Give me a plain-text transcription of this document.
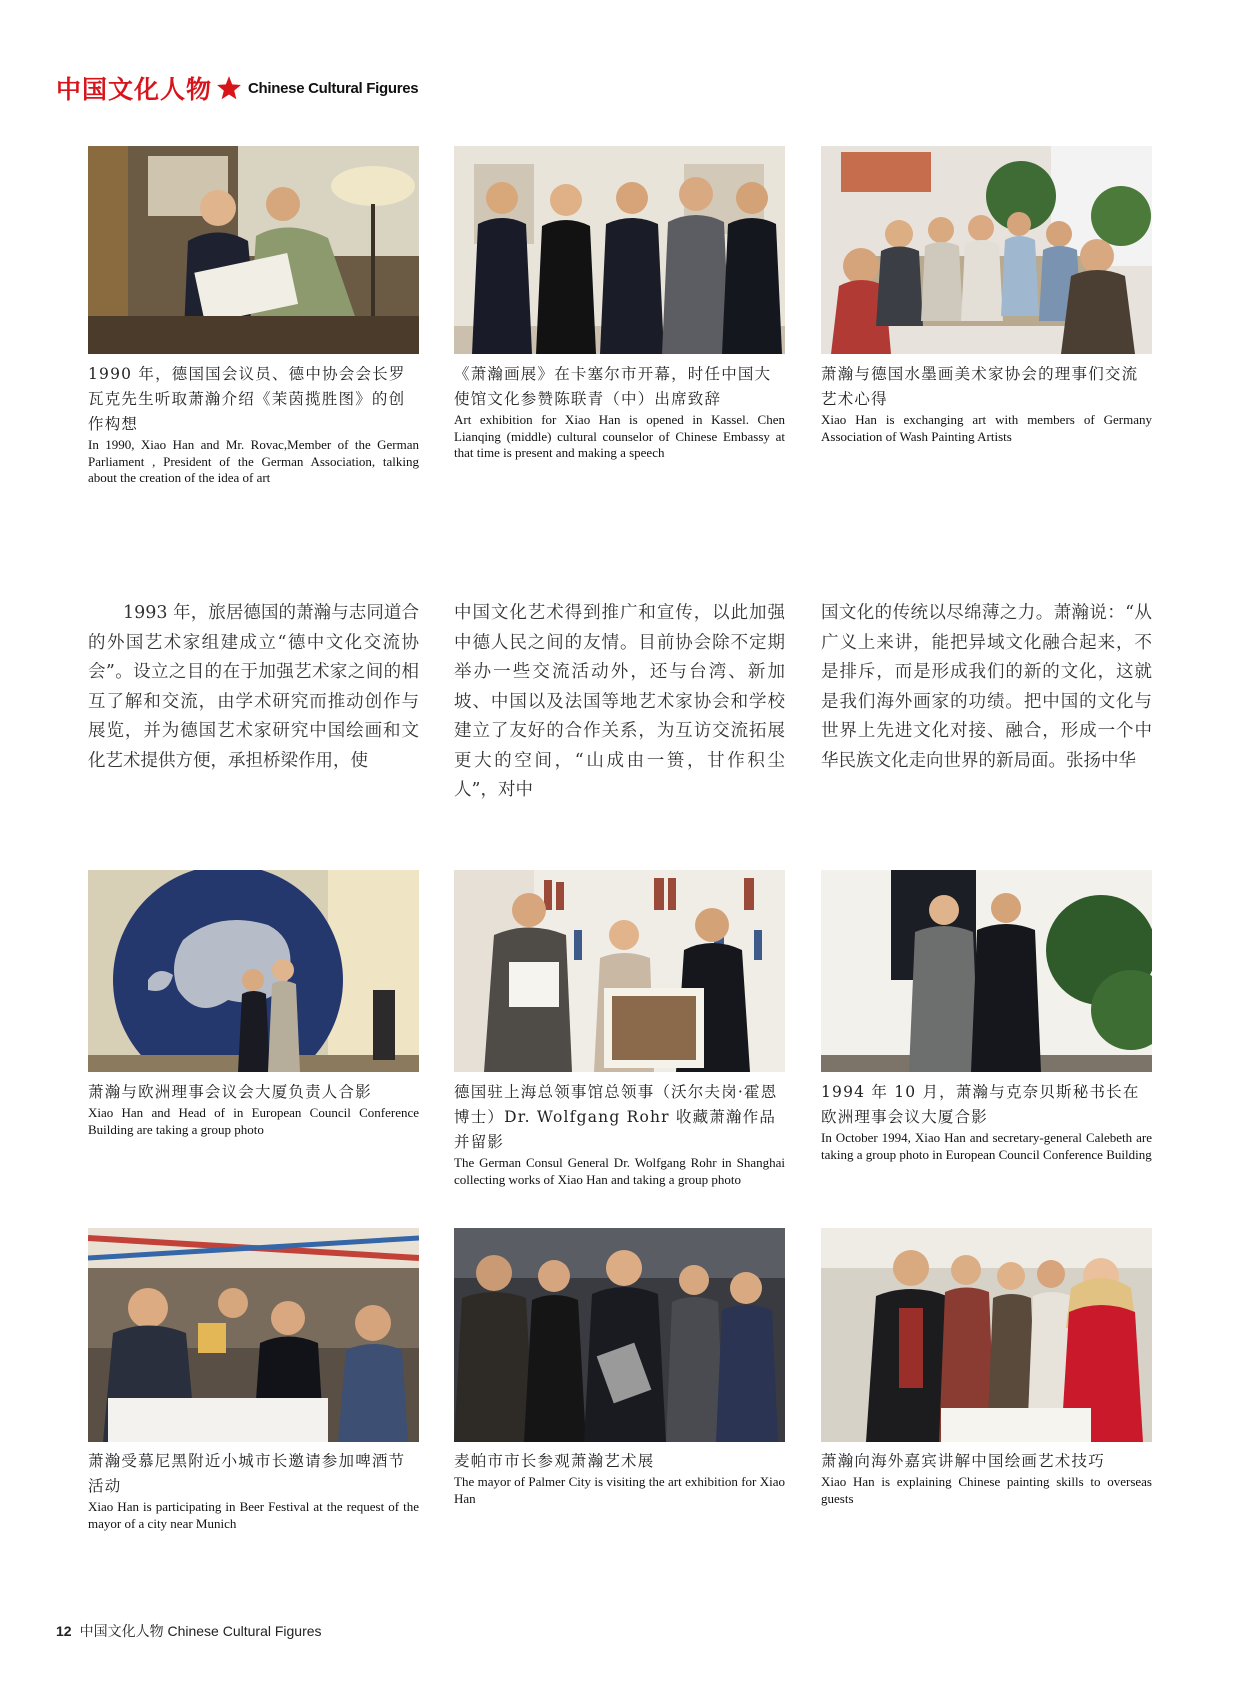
中国文化人物 Chinese Cultural Figures
1990 年，德国国会议员、德中协会会长罗瓦克先生听取萧瀚介绍《茉茵揽胜图》的创作构想
In 1990, Xiao Han and Mr. Rovac,Member of the German Parliament , President of the German Association, talking about the creation of the idea of art
《萧瀚画展》在卡塞尔市开幕，时任中国大使馆文化参赞陈联青（中）出席致辞
Art exhibition for Xiao Han is opened in Kassel. Chen Lianqing (middle) cultural counselor of Chinese Embassy at that time is present and making a speech
萧瀚与德国水墨画美术家协会的理事们交流艺术心得
Xiao Han is exchanging art with members of Germany Association of Wash Painting Artists
1993 年，旅居德国的萧瀚与志同道合的外国艺术家组建成立“德中文化交流协会”。设立之目的在于加强艺术家之间的相互了解和交流，由学术研究而推动创作与展览，并为德国艺术家研究中国绘画和文化艺术提供方便，承担桥梁作用，使
中国文化艺术得到推广和宣传，以此加强中德人民之间的友情。目前协会除不定期举办一些交流活动外，还与台湾、新加坡、中国以及法国等地艺术家协会和学校建立了友好的合作关系，为互访交流拓展更大的空间，“山成由一篑，甘作积尘人”，对中
国文化的传统以尽绵薄之力。萧瀚说：“从广义上来讲，能把异域文化融合起来，不是排斥，而是形成我们的新的文化，这就是我们海外画家的功绩。把中国的文化与世界上先进文化对接、融合，形成一个中华民族文化走向世界的新局面。张扬中华
萧瀚与欧洲理事会议会大厦负责人合影
Xiao Han and Head of in European Council Conference Building are taking a group photo
德国驻上海总领事馆总领事（沃尔夫岗·霍恩博士）Dr. Wolfgang Rohr 收藏萧瀚作品并留影
The German Consul General Dr. Wolfgang Rohr in Shanghai collecting works of Xiao Han and taking a group photo
1994 年 10 月，萧瀚与克奈贝斯秘书长在欧洲理事会议大厦合影
In October 1994, Xiao Han and secretary-general Calebeth are taking a group photo in European Council Conference Building
萧瀚受慕尼黑附近小城市长邀请参加啤酒节活动
Xiao Han is participating in Beer Festival at the request of the mayor of a city near Munich
麦帕市市长参观萧瀚艺术展
The mayor of Palmer City is visiting the art exhibition for Xiao Han
萧瀚向海外嘉宾讲解中国绘画艺术技巧
Xiao Han is explaining Chinese painting skills to overseas guests
12 中国文化人物 Chinese Cultural Figures
